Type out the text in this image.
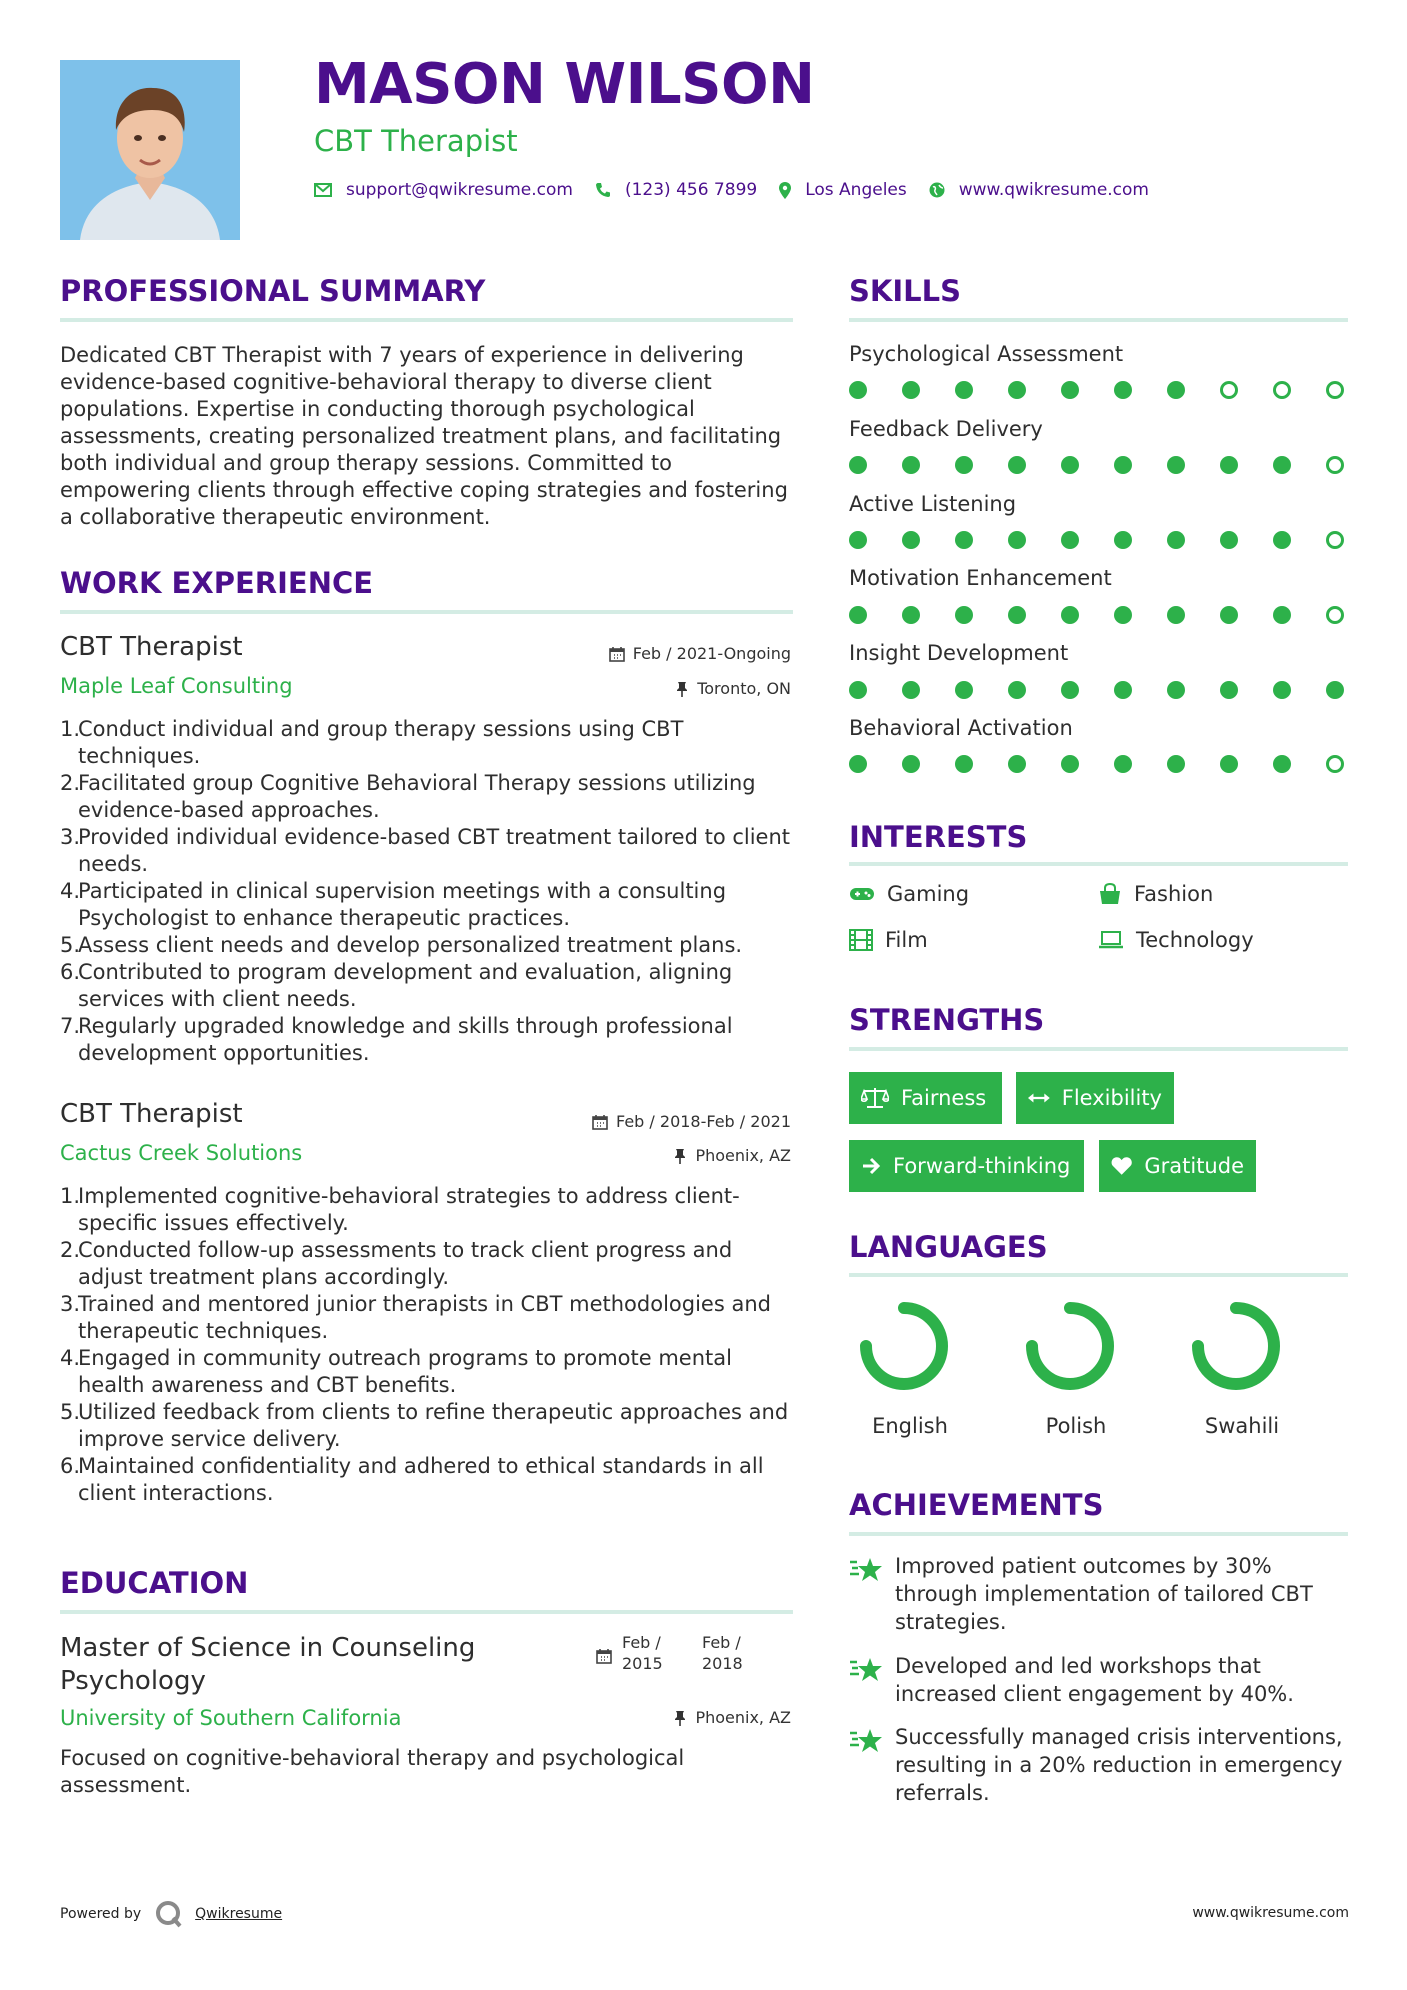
MASON WILSON
CBT Therapist
support@qwikresume.com	(123) 456 7899	Los Angeles	www.qwikresume.com
PROFESSIONAL SUMMARY
Dedicated CBT Therapist with 7 years of experience in delivering
evidence-based cognitive-behavioral therapy to diverse client
populations. Expertise in conducting thorough psychological
assessments, creating personalized treatment plans, and facilitating
both individual and group therapy sessions. Committed to
empowering clients through effective coping strategies and fostering
a collaborative therapeutic environment.
WORK EXPERIENCE
CBT Therapist	Feb / 2021-Ongoing
Maple Leaf Consulting	Toronto, ON
1.
Conduct individual and group therapy sessions using CBT
techniques.
2.
Facilitated group Cognitive Behavioral Therapy sessions utilizing
evidence-based approaches.
3.
Provided individual evidence-based CBT treatment tailored to client
needs.
4.
Participated in clinical supervision meetings with a consulting
Psychologist to enhance therapeutic practices.
5.
Assess client needs and develop personalized treatment plans.
6.
Contributed to program development and evaluation, aligning
services with client needs.
7.
Regularly upgraded knowledge and skills through professional
development opportunities.
CBT Therapist	Feb / 2018-Feb / 2021
Cactus Creek Solutions	Phoenix, AZ
1.
Implemented cognitive-behavioral strategies to address client-
specific issues effectively.
2.
Conducted follow-up assessments to track client progress and
adjust treatment plans accordingly.
3.
Trained and mentored junior therapists in CBT methodologies and
therapeutic techniques.
4.
Engaged in community outreach programs to promote mental
health awareness and CBT benefits.
5.
Utilized feedback from clients to refine therapeutic approaches and
improve service delivery.
6.
Maintained confidentiality and adhered to ethical standards in all
client interactions.
EDUCATION
Master of Science in Counseling
Psychology
Feb /
2015
Feb /
2018
University of Southern California	Phoenix, AZ
Focused on cognitive-behavioral therapy and psychological
assessment.
SKILLS
Psychological Assessment
Feedback Delivery
Active Listening
Motivation Enhancement
Insight Development
Behavioral Activation
INTERESTS
Gaming	Fashion
Film	Technology
STRENGTHS
Fairness	Flexibility
Forward-thinking	Gratitude
LANGUAGES
English	Polish	Swahili
ACHIEVEMENTS
Improved patient outcomes by 30%
through implementation of tailored CBT
strategies.
Developed and led workshops that
increased client engagement by 40%.
Successfully managed crisis interventions,
resulting in a 20% reduction in emergency
referrals.
Powered by	Qwikresume	www.qwikresume.com
